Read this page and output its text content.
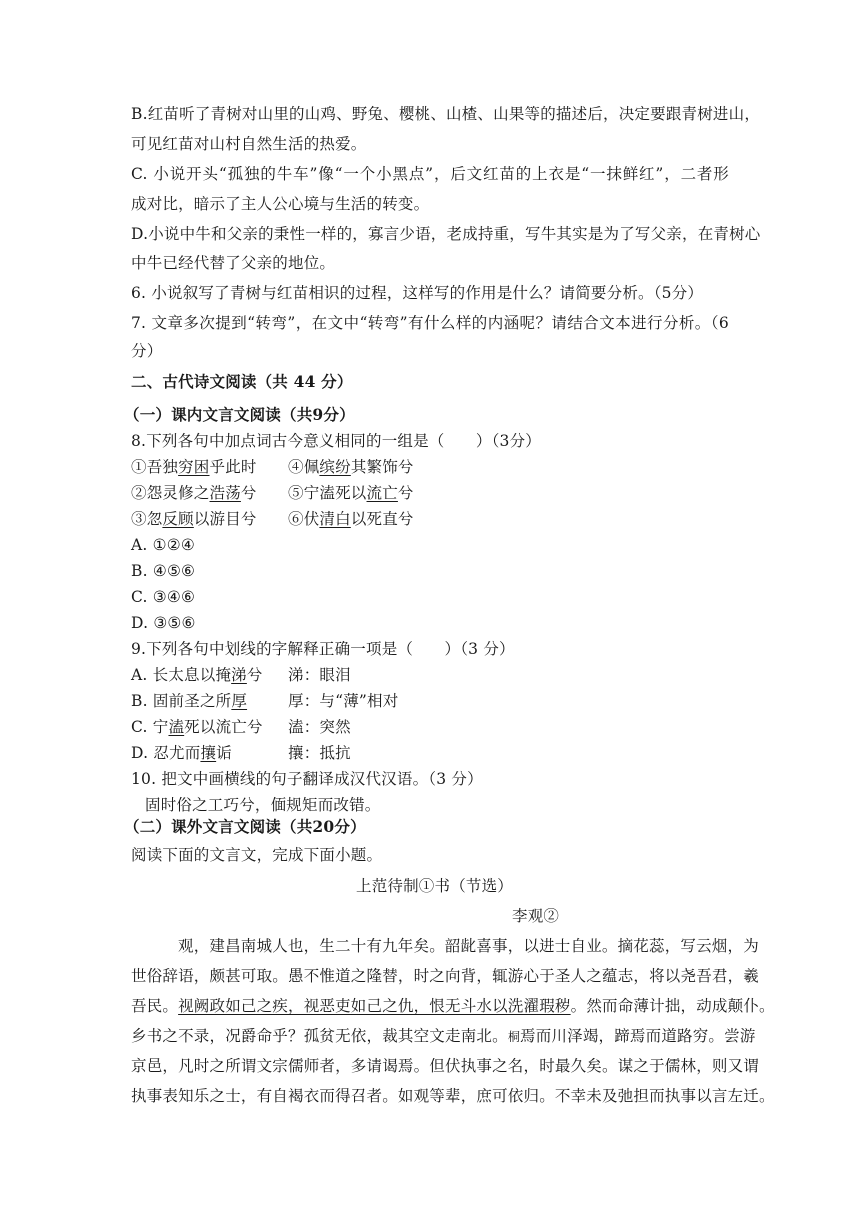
B.红苗听了青树对山里的山鸡、野兔、樱桃、山楂、山果等的描述后，决定要跟青树进山，
可见红苗对山村自然生活的热爱。
C. 小说开头“孤独的牛车”像“一个小黑点”，后文红苗的上衣是“一抹鲜红”，二者形
成对比，暗示了主人公心境与生活的转变。
D.小说中牛和父亲的秉性一样的，寡言少语，老成持重，写牛其实是为了写父亲，在青树心
中牛已经代替了父亲的地位。
6. 小说叙写了青树与红苗相识的过程，这样写的作用是什么？请简要分析。（5分）
7. 文章多次提到“转弯”，在文中“转弯”有什么样的内涵呢？请结合文本进行分析。（6
分）
二、古代诗文阅读（共 44 分）
（一）课内文言文阅读（共9分）
8.下列各句中加点词古今意义相同的一组是（　　）（3分）
①吾独穷困乎此时 ④佩缤纷其繁饰兮
②怨灵修之浩荡兮 ⑤宁溘死以流亡兮
③忽反顾以游目兮 ⑥伏清白以死直兮
A. ①②④
B. ④⑤⑥
C. ③④⑥
D. ③⑤⑥
9.下列各句中划线的字解释正确一项是（　　）（3 分）
A. 长太息以掩涕兮 涕：眼泪
B. 固前圣之所厚	厚：与“薄”相对
C. 宁溘死以流亡兮 溘：突然
D. 忍尤而攘诟	攘：抵抗
10. 把文中画横线的句子翻译成汉代汉语。（3 分）
固时俗之工巧兮，偭规矩而改错。
（二）课外文言文阅读（共20分）
阅读下面的文言文，完成下面小题。
上范待制①书（节选）
李观②
观，建昌南城人也，生二十有九年矣。韶龀喜事，以进士自业。摘花蕊，写云烟，为
世俗辞语，颇甚可取。愚不惟道之隆替，时之向背，辄游心于圣人之蕴志，将以尧吾君，羲
吾民。视阙政如己之疾，视恶吏如己之仇，恨无斗水以洗濯瑕秽。然而命薄计拙，动成颠仆。
乡书之不录，况爵命乎？孤贫无依，裁其空文走南北。桐焉而川泽竭，蹄焉而道路穷。尝游
京邑，凡时之所谓文宗儒师者，多请谒焉。但伏执事之名，时最久矣。谋之于儒林，则又谓
执事表知乐之士，有自褐衣而得召者。如观等辈，庶可依归。不幸未及弛担而执事以言左迁。
